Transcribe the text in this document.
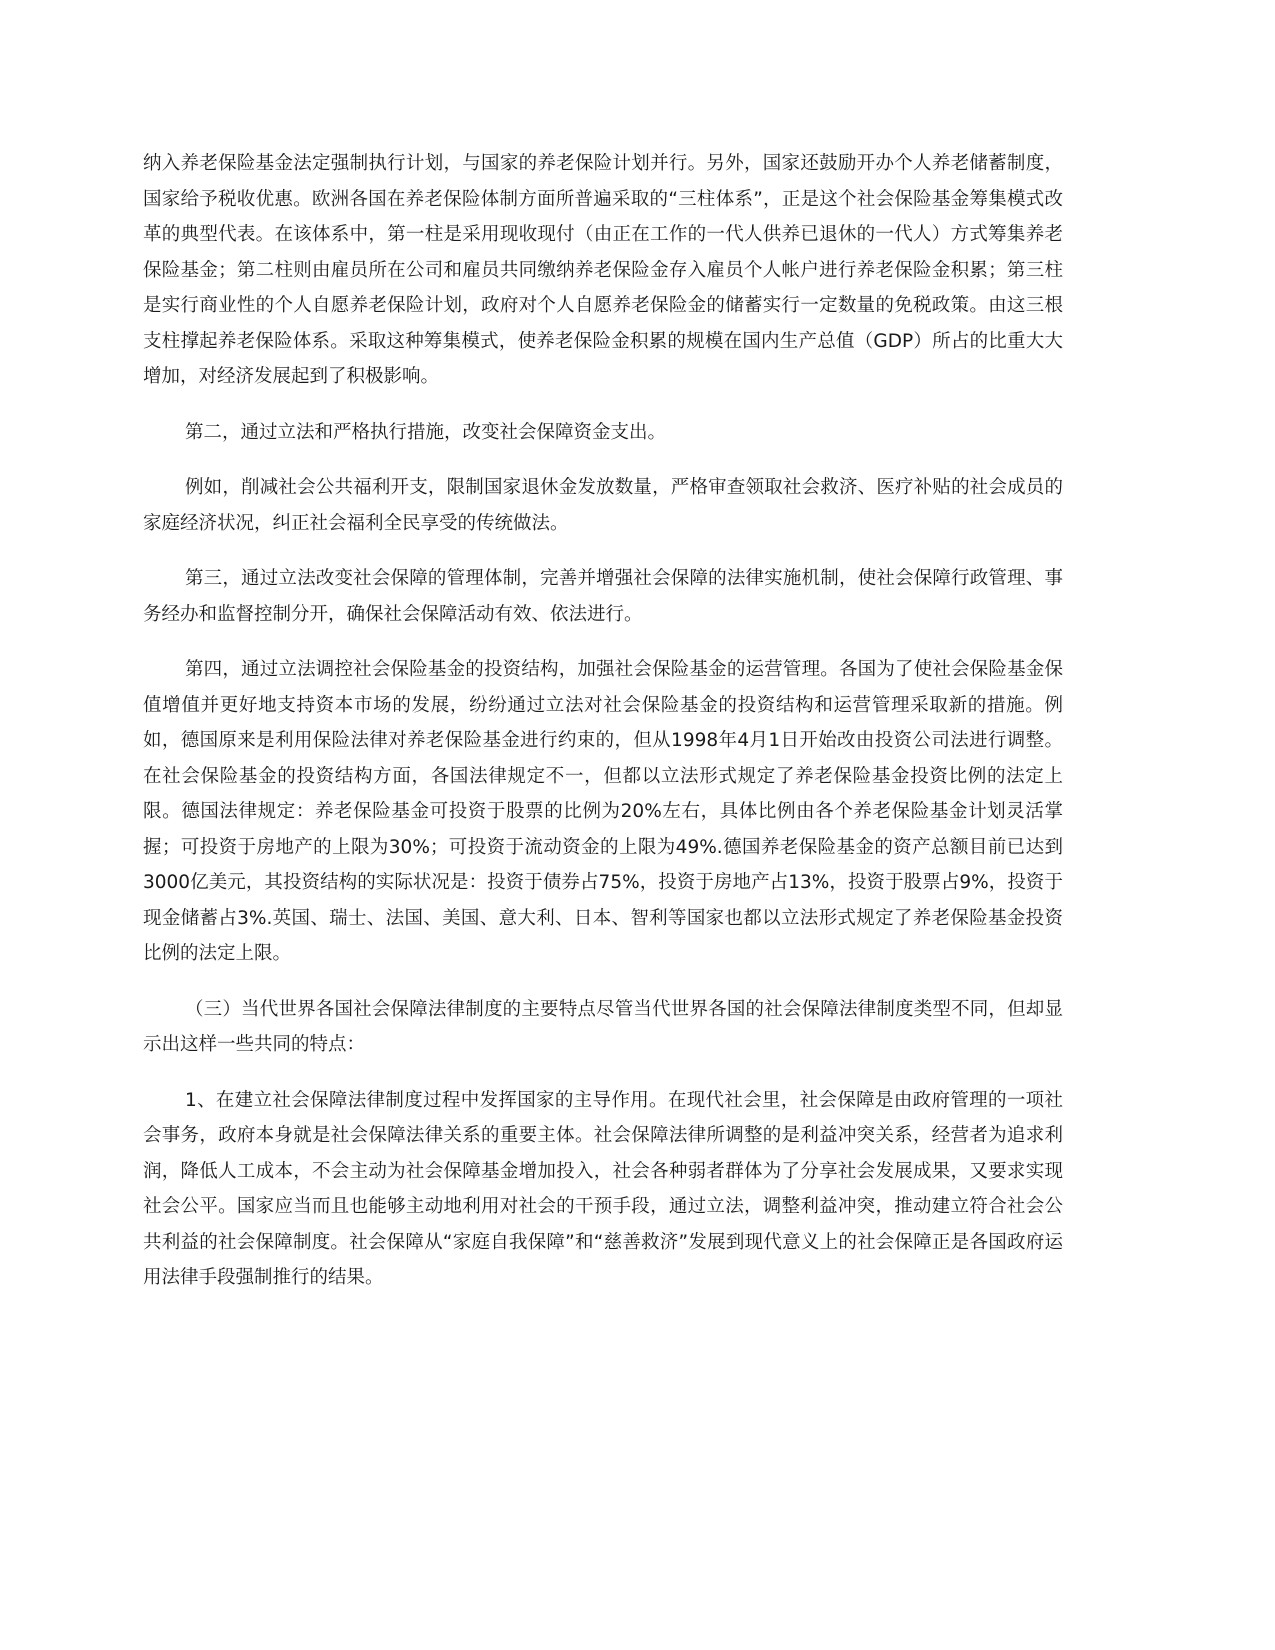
纳入养老保险基金法定强制执行计划，与国家的养老保险计划并行。另外，国家还鼓励开办个人养老储蓄制度，国家给予税收优惠。欧洲各国在养老保险体制方面所普遍采取的“三柱体系”，正是这个社会保险基金筹集模式改革的典型代表。在该体系中，第一柱是采用现收现付（由正在工作的一代人供养已退休的一代人）方式筹集养老保险基金；第二柱则由雇员所在公司和雇员共同缴纳养老保险金存入雇员个人帐户进行养老保险金积累；第三柱是实行商业性的个人自愿养老保险计划，政府对个人自愿养老保险金的储蓄实行一定数量的免税政策。由这三根支柱撑起养老保险体系。采取这种筹集模式，使养老保险金积累的规模在国内生产总值（GDP）所占的比重大大增加，对经济发展起到了积极影响。

第二，通过立法和严格执行措施，改变社会保障资金支出。

例如，削减社会公共福利开支，限制国家退休金发放数量，严格审查领取社会救济、医疗补贴的社会成员的家庭经济状况，纠正社会福利全民享受的传统做法。

第三，通过立法改变社会保障的管理体制，完善并增强社会保障的法律实施机制，使社会保障行政管理、事务经办和监督控制分开，确保社会保障活动有效、依法进行。

第四，通过立法调控社会保险基金的投资结构，加强社会保险基金的运营管理。各国为了使社会保险基金保值增值并更好地支持资本市场的发展，纷纷通过立法对社会保险基金的投资结构和运营管理采取新的措施。例如，德国原来是利用保险法律对养老保险基金进行约束的，但从1998年4月1日开始改由投资公司法进行调整。在社会保险基金的投资结构方面，各国法律规定不一，但都以立法形式规定了养老保险基金投资比例的法定上限。德国法律规定：养老保险基金可投资于股票的比例为20%左右，具体比例由各个养老保险基金计划灵活掌握；可投资于房地产的上限为30%；可投资于流动资金的上限为49%.德国养老保险基金的资产总额目前已达到3000亿美元，其投资结构的实际状况是：投资于债券占75%，投资于房地产占13%，投资于股票占9%，投资于现金储蓄占3%.英国、瑞士、法国、美国、意大利、日本、智利等国家也都以立法形式规定了养老保险基金投资比例的法定上限。

（三）当代世界各国社会保障法律制度的主要特点尽管当代世界各国的社会保障法律制度类型不同，但却显示出这样一些共同的特点：

1、在建立社会保障法律制度过程中发挥国家的主导作用。在现代社会里，社会保障是由政府管理的一项社会事务，政府本身就是社会保障法律关系的重要主体。社会保障法律所调整的是利益冲突关系，经营者为追求利润，降低人工成本，不会主动为社会保障基金增加投入，社会各种弱者群体为了分享社会发展成果，又要求实现社会公平。国家应当而且也能够主动地利用对社会的干预手段，通过立法，调整利益冲突，推动建立符合社会公共利益的社会保障制度。社会保障从“家庭自我保障”和“慈善救济”发展到现代意义上的社会保障正是各国政府运用法律手段强制推行的结果。
